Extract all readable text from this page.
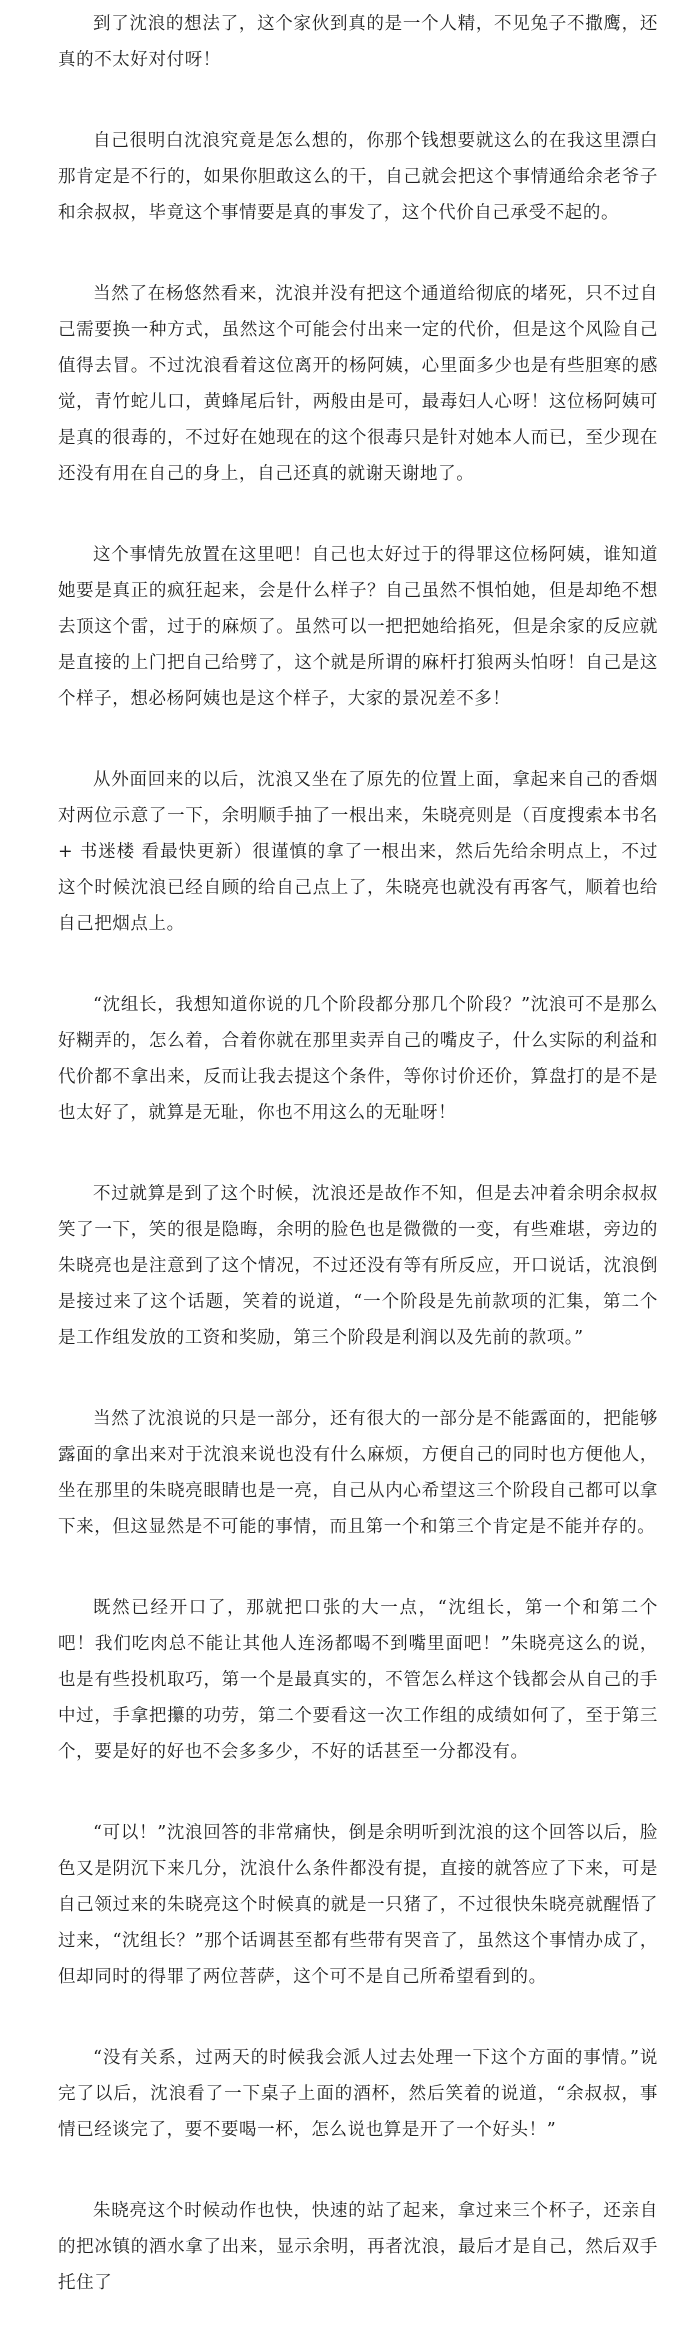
到了沈浪的想法了，这个家伙到真的是一个人精，不见兔子不撒鹰，还真的不太好对付呀！

自己很明白沈浪究竟是怎么想的，你那个钱想要就这么的在我这里漂白那肯定是不行的，如果你胆敢这么的干，自己就会把这个事情通给余老爷子和余叔叔，毕竟这个事情要是真的事发了，这个代价自己承受不起的。

当然了在杨悠然看来，沈浪并没有把这个通道给彻底的堵死，只不过自己需要换一种方式，虽然这个可能会付出来一定的代价，但是这个风险自己值得去冒。不过沈浪看着这位离开的杨阿姨，心里面多少也是有些胆寒的感觉，青竹蛇儿口，黄蜂尾后针，两般由是可，最毒妇人心呀！这位杨阿姨可是真的很毒的，不过好在她现在的这个很毒只是针对她本人而已，至少现在还没有用在自己的身上，自己还真的就谢天谢地了。

这个事情先放置在这里吧！自己也太好过于的得罪这位杨阿姨，谁知道她要是真正的疯狂起来，会是什么样子？自己虽然不惧怕她，但是却绝不想去顶这个雷，过于的麻烦了。虽然可以一把把她给掐死，但是余家的反应就是直接的上门把自己给劈了，这个就是所谓的麻杆打狼两头怕呀！自己是这个样子，想必杨阿姨也是这个样子，大家的景况差不多！

从外面回来的以后，沈浪又坐在了原先的位置上面，拿起来自己的香烟对两位示意了一下，余明顺手抽了一根出来，朱晓亮则是（百度搜索本书名+ 书迷楼 看最快更新）很谨慎的拿了一根出来，然后先给余明点上，不过这个时候沈浪已经自顾的给自己点上了，朱晓亮也就没有再客气，顺着也给自己把烟点上。

“沈组长，我想知道你说的几个阶段都分那几个阶段？”沈浪可不是那么好糊弄的，怎么着，合着你就在那里卖弄自己的嘴皮子，什么实际的利益和代价都不拿出来，反而让我去提这个条件，等你讨价还价，算盘打的是不是也太好了，就算是无耻，你也不用这么的无耻呀！

不过就算是到了这个时候，沈浪还是故作不知，但是去冲着余明余叔叔笑了一下，笑的很是隐晦，余明的脸色也是微微的一变，有些难堪，旁边的朱晓亮也是注意到了这个情况，不过还没有等有所反应，开口说话，沈浪倒是接过来了这个话题，笑着的说道，“一个阶段是先前款项的汇集，第二个是工作组发放的工资和奖励，第三个阶段是利润以及先前的款项。”

当然了沈浪说的只是一部分，还有很大的一部分是不能露面的，把能够露面的拿出来对于沈浪来说也没有什么麻烦，方便自己的同时也方便他人，坐在那里的朱晓亮眼睛也是一亮，自己从内心希望这三个阶段自己都可以拿下来，但这显然是不可能的事情，而且第一个和第三个肯定是不能并存的。

既然已经开口了，那就把口张的大一点，“沈组长，第一个和第二个吧！我们吃肉总不能让其他人连汤都喝不到嘴里面吧！”朱晓亮这么的说，也是有些投机取巧，第一个是最真实的，不管怎么样这个钱都会从自己的手中过，手拿把攥的功劳，第二个要看这一次工作组的成绩如何了，至于第三个，要是好的好也不会多多少，不好的话甚至一分都没有。

“可以！”沈浪回答的非常痛快，倒是余明听到沈浪的这个回答以后，脸色又是阴沉下来几分，沈浪什么条件都没有提，直接的就答应了下来，可是自己领过来的朱晓亮这个时候真的就是一只猪了，不过很快朱晓亮就醒悟了过来，“沈组长？”那个话调甚至都有些带有哭音了，虽然这个事情办成了，但却同时的得罪了两位菩萨，这个可不是自己所希望看到的。

“没有关系，过两天的时候我会派人过去处理一下这个方面的事情。”说完了以后，沈浪看了一下桌子上面的酒杯，然后笑着的说道，“余叔叔，事情已经谈完了，要不要喝一杯，怎么说也算是开了一个好头！”

朱晓亮这个时候动作也快，快速的站了起来，拿过来三个杯子，还亲自的把冰镇的酒水拿了出来，显示余明，再者沈浪，最后才是自己，然后双手托住了
